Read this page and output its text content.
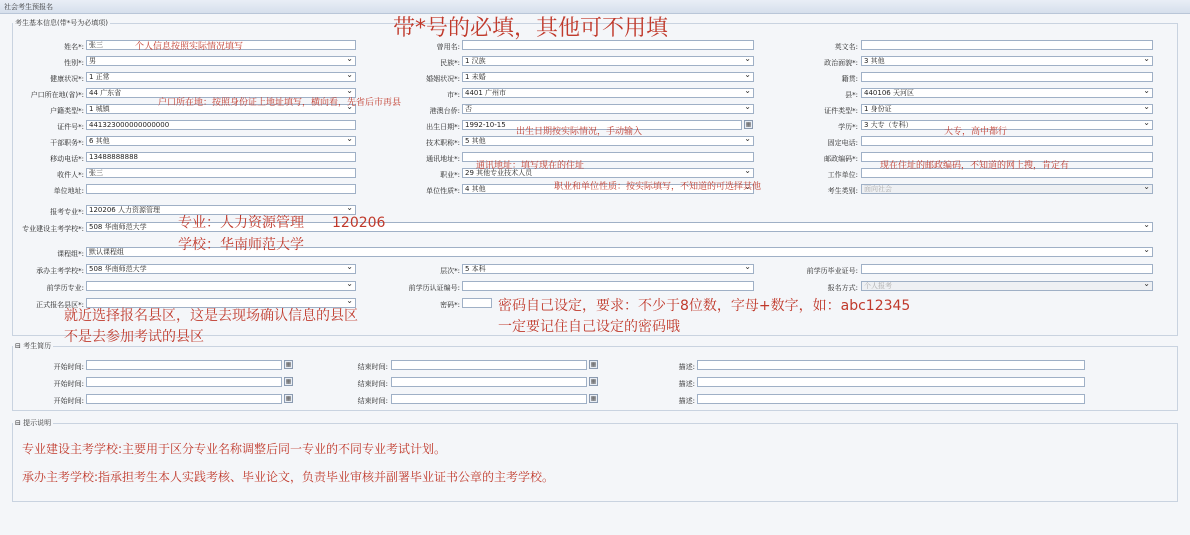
社会考生预报名
考生基本信息(带*号为必填项)
姓名*: 张三	曾用名:	英文名:
性别*: 男 ⌄	民族*: 1 汉族 ⌄	政治面貌*: 3 其他 ⌄
健康状况*: 1 正常 ⌄	婚姻状况*: 1 未婚 ⌄	籍贯:
户口所在地(省)*: 44 广东省 ⌄	市*: 4401 广州市 ⌄	县*: 440106 天河区 ⌄
户籍类型*: 1 城镇 ⌄	港澳台侨: 否 ⌄	证件类型*: 1 身份证 ⌄
证件号*: 441323000000000000	出生日期*: 1992-10-15	▦	学历*: 3 大专（专科） ⌄
干部职务*: 6 其他 ⌄	技术职称*: 5 其他 ⌄	固定电话:
移动电话*: 13488888888	通讯地址*:	邮政编码*:
收件人*: 张三	职业*: 29 其他专业技术人员 ⌄	工作单位:
单位地址:	单位性质*: 4 其他 ⌄	考生类别: 面向社会 ⌄
报考专业*: 120206 人力资源管理 ⌄
专业建设主考学校*: 508 华南师范大学 ⌄
课程组*: 默认课程组 ⌄
承办主考学校*: 508 华南师范大学 ⌄	层次*: 5 本科 ⌄	前学历毕业证号:
前学历专业: ⌄	前学历认证编号:	报名方式: 个人报考 ⌄
正式报名县区*: ⌄	密码*:
⊟ 考生简历
开始时间:	▦	结束时间:	▦	描述:
开始时间:	▦	结束时间:	▦	描述:
开始时间:	▦	结束时间:	▦	描述:
⊟ 提示说明
专业建设主考学校:主要用于区分专业名称调整后同一专业的不同专业考试计划。
承办主考学校:指承担考生本人实践考核、毕业论文，负责毕业审核并副署毕业证书公章的主考学校。
带*号的必填，其他可不用填
个人信息按照实际情况填写
户口所在地：按照身份证上地址填写，横向看，先省后市再县
出生日期按实际情况，手动输入	大专，高中都行
通讯地址：填写现在的住址	现在住址的邮政编码，不知道的网上搜，肯定有
职业和单位性质：按实际填写，不知道的可选择其他
专业：人力资源管理　　120206
学校：华南师范大学
就近选择报名县区，这是去现场确认信息的县区
不是去参加考试的县区
密码自己设定，要求：不少于8位数，字母+数字，如：abc12345
一定要记住自己设定的密码哦
